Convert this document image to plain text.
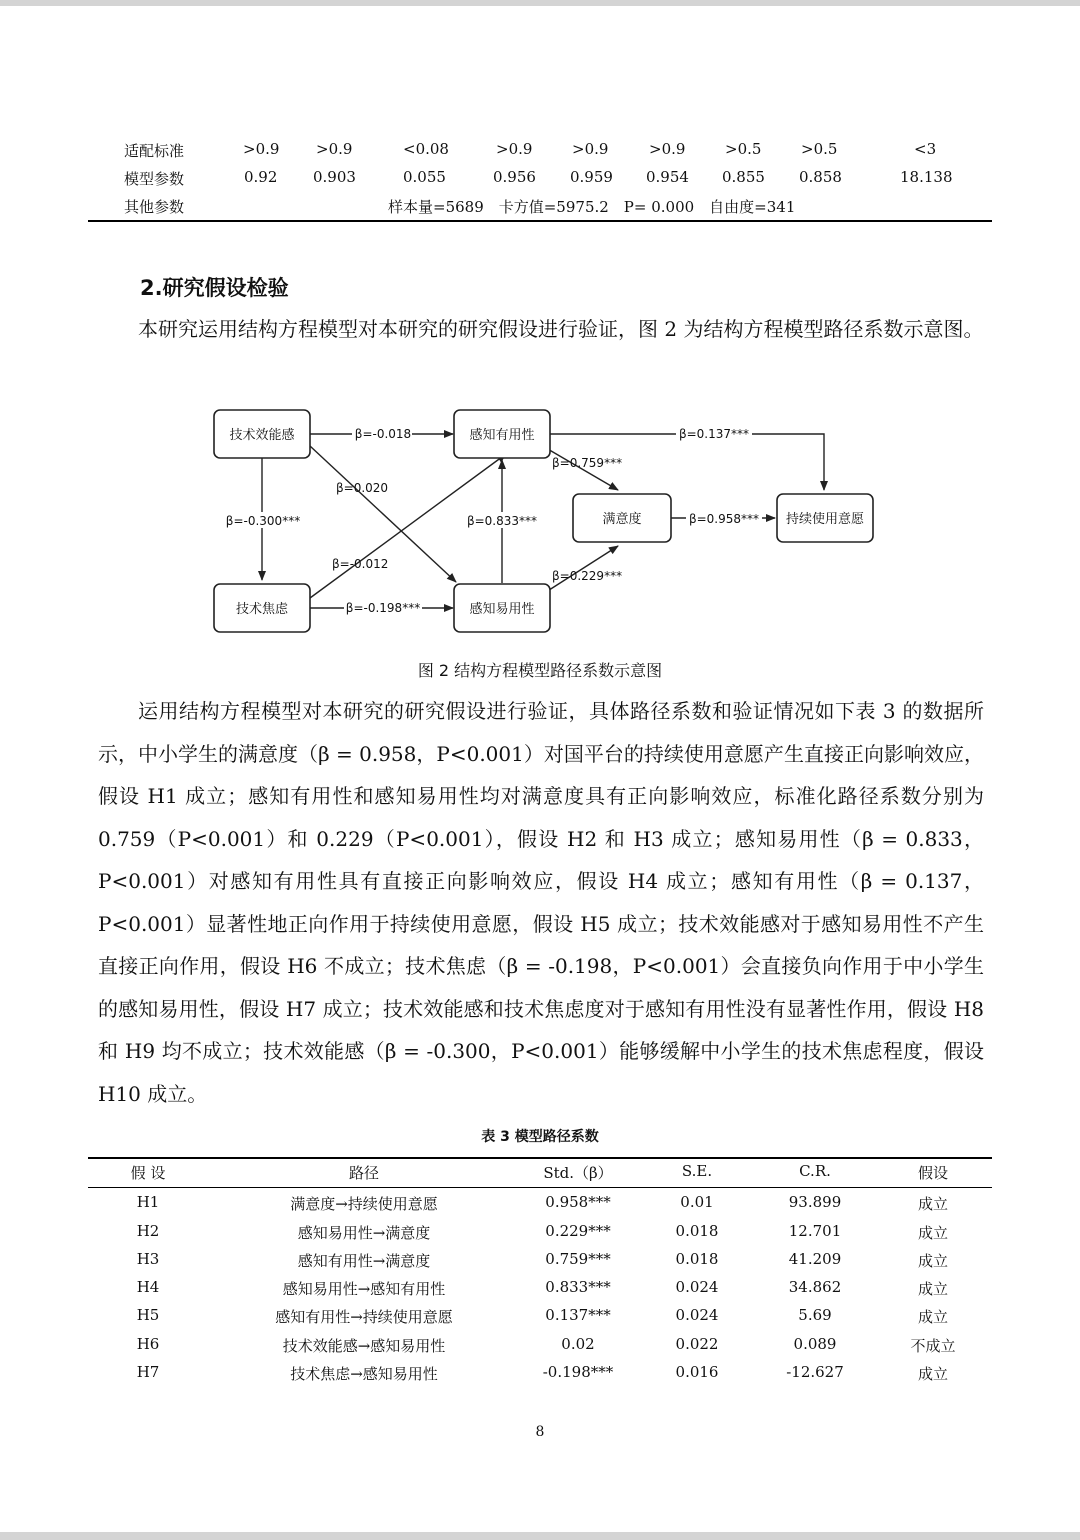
适配标准	>0.9 >0.9	<0.08	>0.9	>0.9	>0.9	>0.5	>0.5	<3
模型参数	0.92 0.903	0.055	0.956 0.959 0.954 0.855 0.858	18.138
其他参数	样本量=5689　卡方值=5975.2　P= 0.000　自由度=341
2.研究假设检验

本研究运用结构方程模型对本研究的研究假设进行验证，图 2 为结构方程模型路径系数示意图。

技术效能感	感知有用性
满意度	持续使用意愿
技术焦虑	感知易用性
β=-0.018	β=0.137***
β=0.759***
β=0.020
β=-0.300***	β=0.833***	β=0.958***
β=-0.012
β=0.229***
β=-0.198***
图 2 结构方程模型路径系数示意图

运用结构方程模型对本研究的研究假设进行验证，具体路径系数和验证情况如下表 3 的数据所示，中小学生的满意度（β = 0.958，P<0.001）对国平台的持续使用意愿产生直接正向影响效应，假设 H1 成立；感知有用性和感知易用性均对满意度具有正向影响效应，标准化路径系数分别为 0.759（P<0.001）和 0.229（P<0.001），假设 H2 和 H3 成立；感知易用性（β = 0.833，P<0.001）对感知有用性具有直接正向影响效应，假设 H4 成立；感知有用性（β = 0.137，P<0.001）显著性地正向作用于持续使用意愿，假设 H5 成立；技术效能感对于感知易用性不产生直接正向作用，假设 H6 不成立；技术焦虑（β = -0.198，P<0.001）会直接负向作用于中小学生的感知易用性，假设 H7 成立；技术效能感和技术焦虑度对于感知有用性没有显著性作用，假设 H8 和 H9 均不成立；技术效能感（β = -0.300，P<0.001）能够缓解中小学生的技术焦虑程度，假设 H10 成立。

表 3 模型路径系数
假 设	路径	Std.（β）	S.E.	C.R.	假设
H1	满意度→持续使用意愿	0.958***	0.01	93.899	成立
H2	感知易用性→满意度	0.229***	0.018	12.701	成立
H3	感知有用性→满意度	0.759***	0.018	41.209	成立
H4	感知易用性→感知有用性	0.833***	0.024	34.862	成立
H5	感知有用性→持续使用意愿	0.137***	0.024	5.69	成立
H6	技术效能感→感知易用性	0.02	0.022	0.089	不成立
H7	技术焦虑→感知易用性	-0.198***	0.016	-12.627	成立
8
